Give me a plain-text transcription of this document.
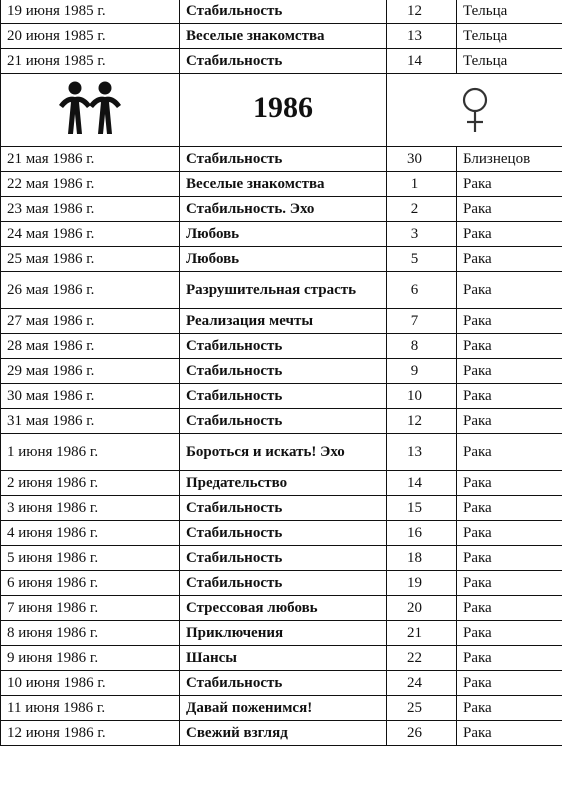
19 июня 1985 г.	Стабильность	12	Тельца
20 июня 1985 г.	Веселые знакомства	13	Тельца
21 июня 1985 г.	Стабильность	14	Тельца

	1986	

21 мая 1986 г.	Стабильность	30	Близнецов
22 мая 1986 г.	Веселые знакомства	1	Рака
23 мая 1986 г.	Стабильность. Эхо	2	Рака
24 мая 1986 г.	Любовь	3	Рака
25 мая 1986 г.	Любовь	5	Рака
26 мая 1986 г.	Разрушительная страсть	6	Рака
27 мая 1986 г.	Реализация мечты	7	Рака
28 мая 1986 г.	Стабильность	8	Рака
29 мая 1986 г.	Стабильность	9	Рака
30 мая 1986 г.	Стабильность	10	Рака
31 мая 1986 г.	Стабильность	12	Рака
1 июня 1986 г.	Бороться и искать! Эхо	13	Рака
2 июня 1986 г.	Предательство	14	Рака
3 июня 1986 г.	Стабильность	15	Рака
4 июня 1986 г.	Стабильность	16	Рака
5 июня 1986 г.	Стабильность	18	Рака
6 июня 1986 г.	Стабильность	19	Рака
7 июня 1986 г.	Стрессовая любовь	20	Рака
8 июня 1986 г.	Приключения	21	Рака
9 июня 1986 г.	Шансы	22	Рака
10 июня 1986 г.	Стабильность	24	Рака
11 июня 1986 г.	Давай поженимся!	25	Рака
12 июня 1986 г.	Свежий взгляд	26	Рака
